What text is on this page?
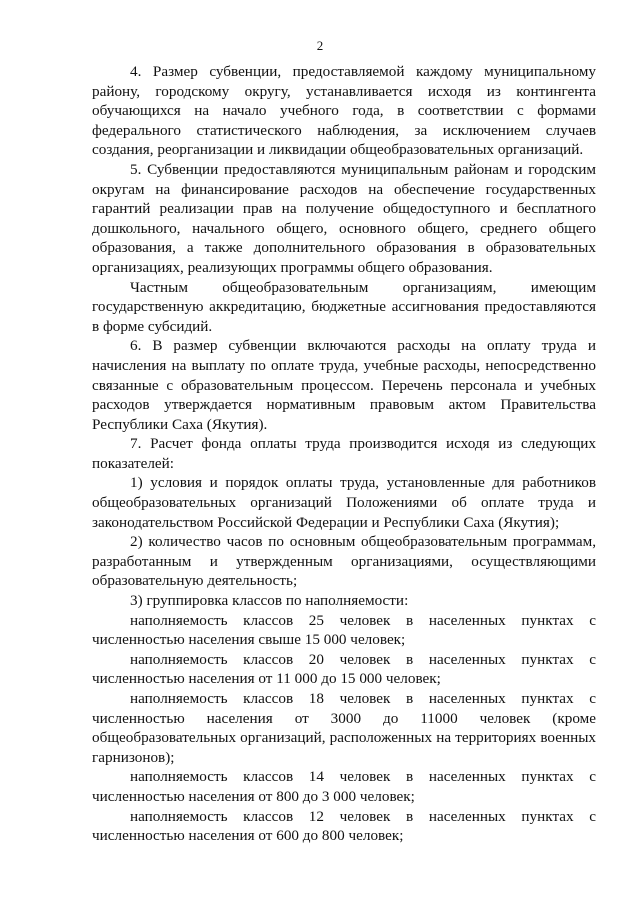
2

4. Размер субвенции, предоставляемой каждому муниципальному району, городскому округу, устанавливается исходя из контингента обучающихся на начало учебного года, в соответствии с формами федерального статистического наблюдения, за исключением случаев создания, реорганизации и ликвидации общеобразовательных организаций.

5. Субвенции предоставляются муниципальным районам и городским округам на финансирование расходов на обеспечение государственных гарантий реализации прав на получение общедоступного и бесплатного дошкольного, начального общего, основного общего, среднего общего образования, а также дополнительного образования в образовательных организациях, реализующих программы общего образования.

Частным общеобразовательным организациям, имеющим государственную аккредитацию, бюджетные ассигнования предоставляются в форме субсидий.

6. В размер субвенции включаются расходы на оплату труда и начисления на выплату по оплате труда, учебные расходы, непосредственно связанные с образовательным процессом. Перечень персонала и учебных расходов утверждается нормативным правовым актом Правительства Республики Саха (Якутия).

7. Расчет фонда оплаты труда производится исходя из следующих показателей:

1) условия и порядок оплаты труда, установленные для работников общеобразовательных организаций Положениями об оплате труда и законодательством Российской Федерации и Республики Саха (Якутия);

2) количество часов по основным общеобразовательным программам, разработанным и утвержденным организациями, осуществляющими образовательную деятельность;

3) группировка классов по наполняемости:

наполняемость классов 25 человек в населенных пунктах с численностью населения свыше 15 000 человек;

наполняемость классов 20 человек в населенных пунктах с численностью населения от 11 000 до 15 000 человек;

наполняемость классов 18 человек в населенных пунктах с численностью населения от 3000 до 11000 человек (кроме общеобразовательных организаций, расположенных на территориях военных гарнизонов);

наполняемость классов 14 человек в населенных пунктах с численностью населения от 800 до 3 000 человек;

наполняемость классов 12 человек в населенных пунктах с численностью населения от 600 до 800 человек;
